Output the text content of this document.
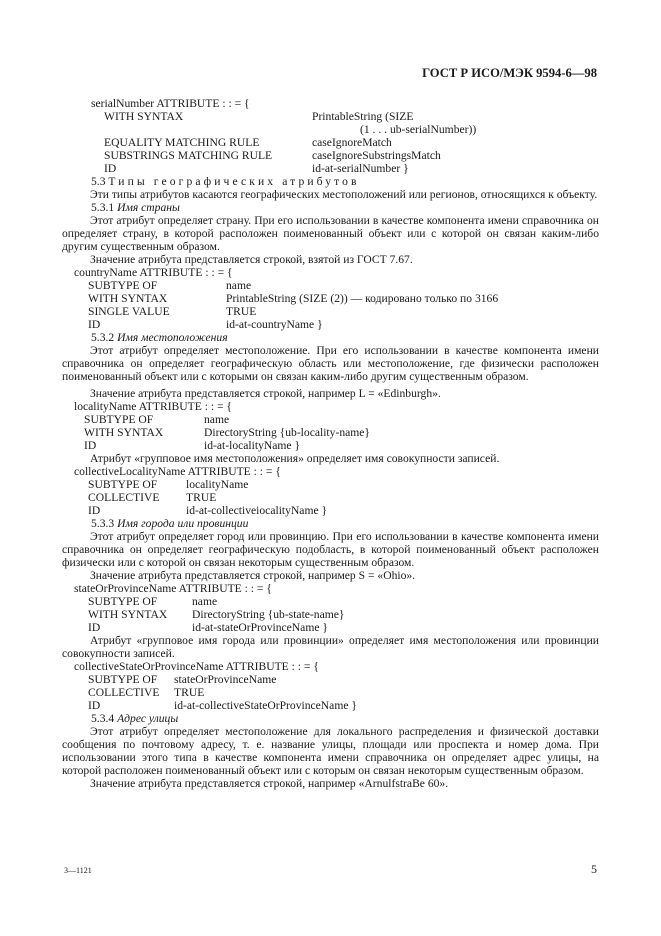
ГОСТ Р ИСО/МЭК 9594-6—98
serialNumber ATTRIBUTE : : = {
WITH SYNTAX	PrintableString (SIZE
(1 . . . ub-serialNumber))
EQUALITY MATCHING RULE	caseIgnoreMatch
SUBSTRINGS MATCHING RULE	caseIgnoreSubstringsMatch
ID	id-at-serialNumber }
5.3 Типы географических атрибутов

Эти типы атрибутов касаются географических местоположений или регионов, относящихся к объекту.

5.3.1 Имя страны

Этот атрибут определяет страну. При его использовании в качестве компонента имени справочника он определяет страну, в которой расположен поименованный объект или с которой он связан каким-либо другим существенным образом.

Значение атрибута представляется строкой, взятой из ГОСТ 7.67.

countryName ATTRIBUTE : : = {
SUBTYPE OF	name
WITH SYNTAX	PrintableString (SIZE (2)) — кодировано только по 3166
SINGLE VALUE	TRUE
ID	id-at-countryName }
5.3.2 Имя местоположения

Этот атрибут определяет местоположение. При его использовании в качестве компонента имени справочника он определяет географическую область или местоположение, где физически расположен поименованный объект или с которыми он связан каким-либо другим существенным образом.

Значение атрибута представляется строкой, например L = «Edinburgh».

localityName ATTRIBUTE : : = {
SUBTYPE OF	name
WITH SYNTAX	DirectoryString {ub-locality-name}
ID	id-at-localityName }

Атрибут «групповое имя местоположения» определяет имя совокупности записей.

collectiveLocalityName ATTRIBUTE : : = {
SUBTYPE OF localityName
COLLECTIVE TRUE
ID	id-at-collectiveiocalityName }
5.3.3 Имя города или провинции

Этот атрибут определяет город или провинцию. При его использовании в качестве компонента имени справочника он определяет географическую подобласть, в которой поименованный объект расположен физически или с которой он связан некоторым существенным образом.

Значение атрибута представляется строкой, например S = «Ohio».

stateOrProvinceName ATTRIBUTE : : = {
SUBTYPE OF	name
WITH SYNTAX DirectoryString {ub-state-name}
ID	id-at-stateOrProvinceName }

Атрибут «групповое имя города или провинции» определяет имя местоположения или провинции совокупности записей.

collectiveStateOrProvinceName ATTRIBUTE : : = {
SUBTYPE OF stateOrProvinceName
COLLECTIVE TRUE
ID	id-at-collectiveStateOrProvinceName }
5.3.4 Адрес улицы

Этот атрибут определяет местоположение для локального распределения и физической доставки сообщения по почтовому адресу, т. е. название улицы, площади или проспекта и номер дома. При использовании этого типа в качестве компонента имени справочника он определяет адрес улицы, на которой расположен поименованный объект или с которым он связан некоторым существенным образом.

Значение атрибута представляется строкой, например «ArnulfstraBe 60».

3—1121	5
